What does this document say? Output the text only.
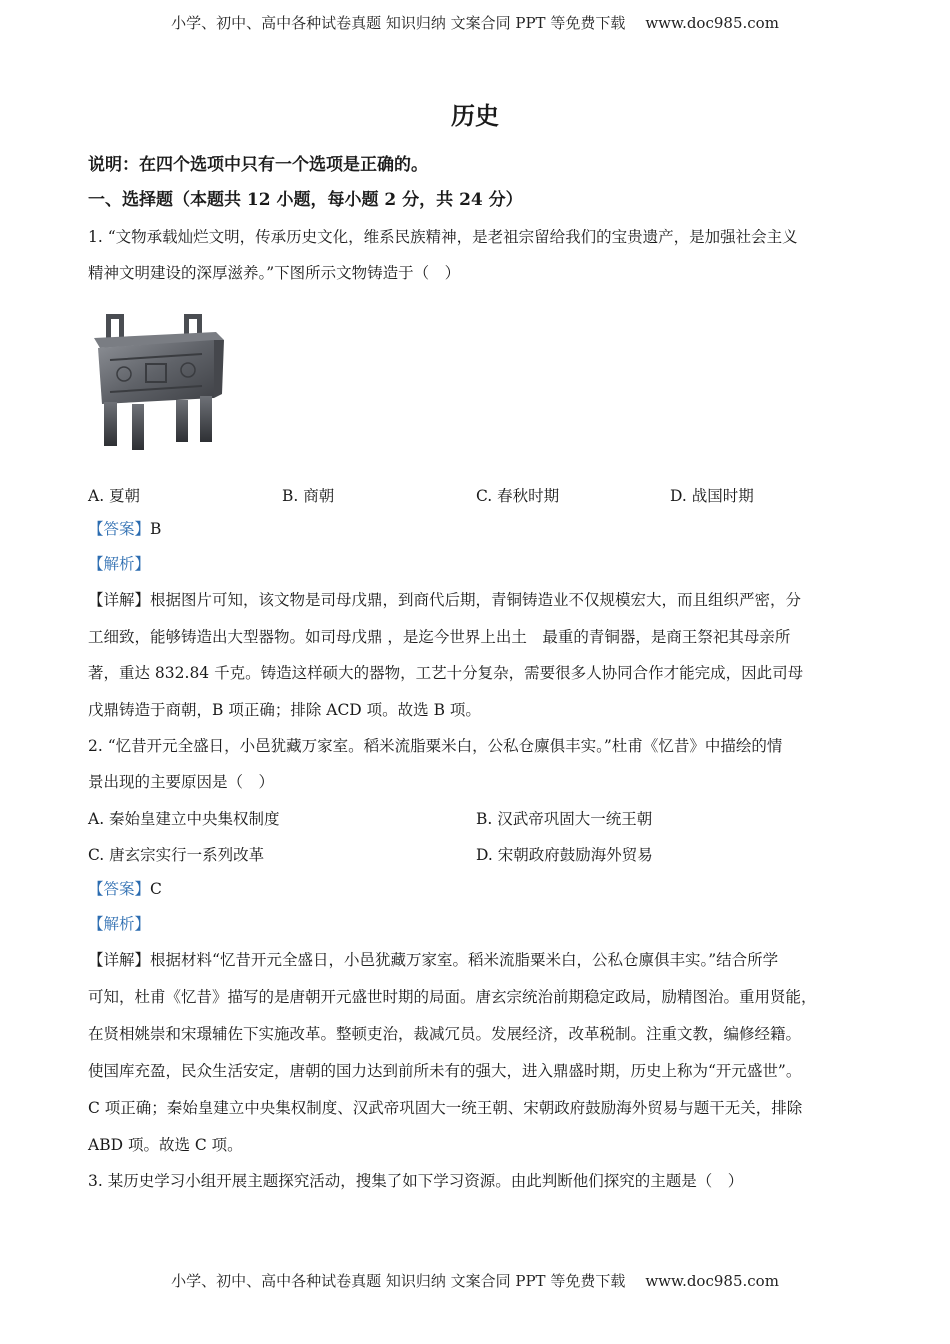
小学、初中、高中各种试卷真题 知识归纳 文案合同 PPT 等免费下载 www.doc985.com
历史
说明：在四个选项中只有一个选项是正确的。
一、选择题（本题共 12 小题，每小题 2 分，共 24 分）
1. “文物承载灿烂文明，传承历史文化，维系民族精神，是老祖宗留给我们的宝贵遗产，是加强社会主义
精神文明建设的深厚滋养。”下图所示文物铸造于（　）
A. 夏朝	B. 商朝	C. 春秋时期	D. 战国时期
【答案】B
【解析】
【详解】根据图片可知，该文物是司母戊鼎，到商代后期，青铜铸造业不仅规模宏大，而且组织严密，分
工细致，能够铸造出大型器物。如司母戊鼎 ，是迄今世界上出土　最重的青铜器，是商王祭祀其母亲所
著，重达 832.84 千克。铸造这样硕大的器物，工艺十分复杂，需要很多人协同合作才能完成，因此司母
戊鼎铸造于商朝，B 项正确；排除 ACD 项。故选 B 项。
2. “忆昔开元全盛日，小邑犹藏万家室。稻米流脂粟米白，公私仓廪俱丰实。”杜甫《忆昔》中描绘的情
景出现的主要原因是（　）
A. 秦始皇建立中央集权制度	B. 汉武帝巩固大一统王朝
C. 唐玄宗实行一系列改革	D. 宋朝政府鼓励海外贸易
【答案】C
【解析】
【详解】根据材料“忆昔开元全盛日，小邑犹藏万家室。稻米流脂粟米白，公私仓廪俱丰实。”结合所学
可知，杜甫《忆昔》描写的是唐朝开元盛世时期的局面。唐玄宗统治前期稳定政局，励精图治。重用贤能，
在贤相姚崇和宋璟辅佐下实施改革。整顿吏治，裁减冗员。发展经济，改革税制。注重文教，编修经籍。
使国库充盈，民众生活安定，唐朝的国力达到前所未有的强大，进入鼎盛时期，历史上称为“开元盛世”。
C 项正确；秦始皇建立中央集权制度、汉武帝巩固大一统王朝、宋朝政府鼓励海外贸易与题干无关，排除
ABD 项。故选 C 项。
3. 某历史学习小组开展主题探究活动，搜集了如下学习资源。由此判断他们探究的主题是（　）
小学、初中、高中各种试卷真题 知识归纳 文案合同 PPT 等免费下载 www.doc985.com
